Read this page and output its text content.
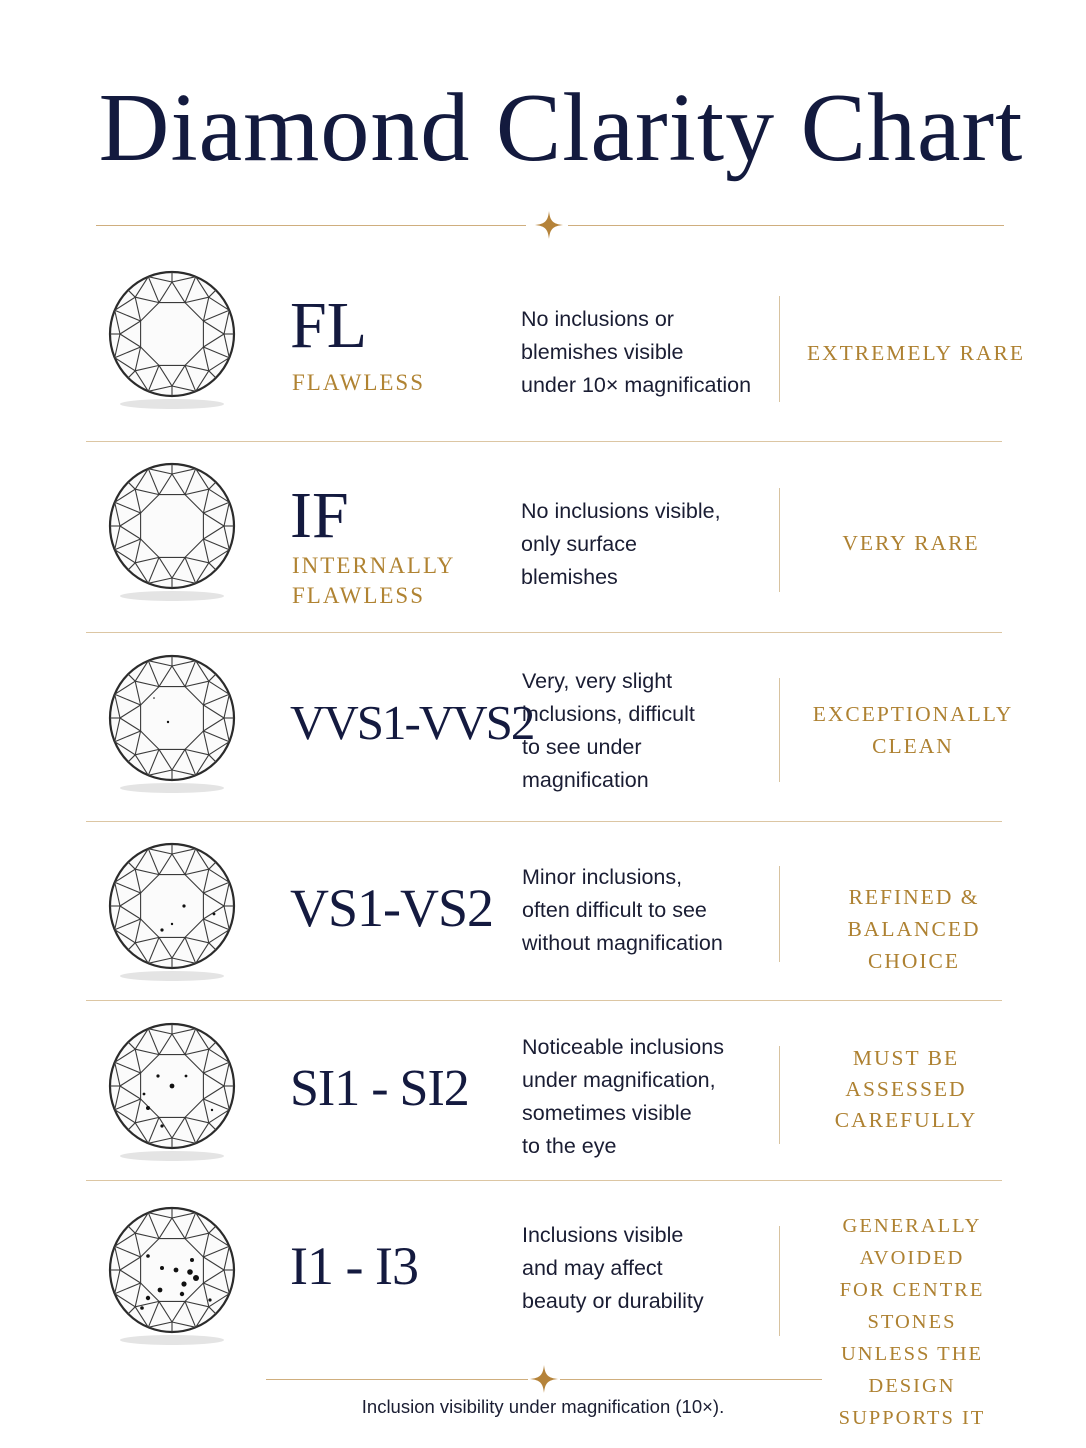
Diamond Clarity Chart
FL
FLAWLESS
No inclusions or
blemishes visible
under 10× magnification
EXTREMELY RARE
IF
INTERNALLY
FLAWLESS
No inclusions visible,
only surface
blemishes
VERY RARE
VVS1-VVS2
Very, very slight
inclusions, difficult
to see under
magnification
EXCEPTIONALLY
CLEAN
VS1-VS2
Minor inclusions,
often difficult to see
without magnification
REFINED &
BALANCED CHOICE
SI1 - SI2
Noticeable inclusions
under magnification,
sometimes visible
to the eye
MUST BE
ASSESSED
CAREFULLY
I1 - I3
Inclusions visible
and may affect
beauty or durability
GENERALLY AVOIDED
FOR CENTRE STONES
UNLESS THE DESIGN
SUPPORTS IT
Inclusion visibility under magnification (10×).
